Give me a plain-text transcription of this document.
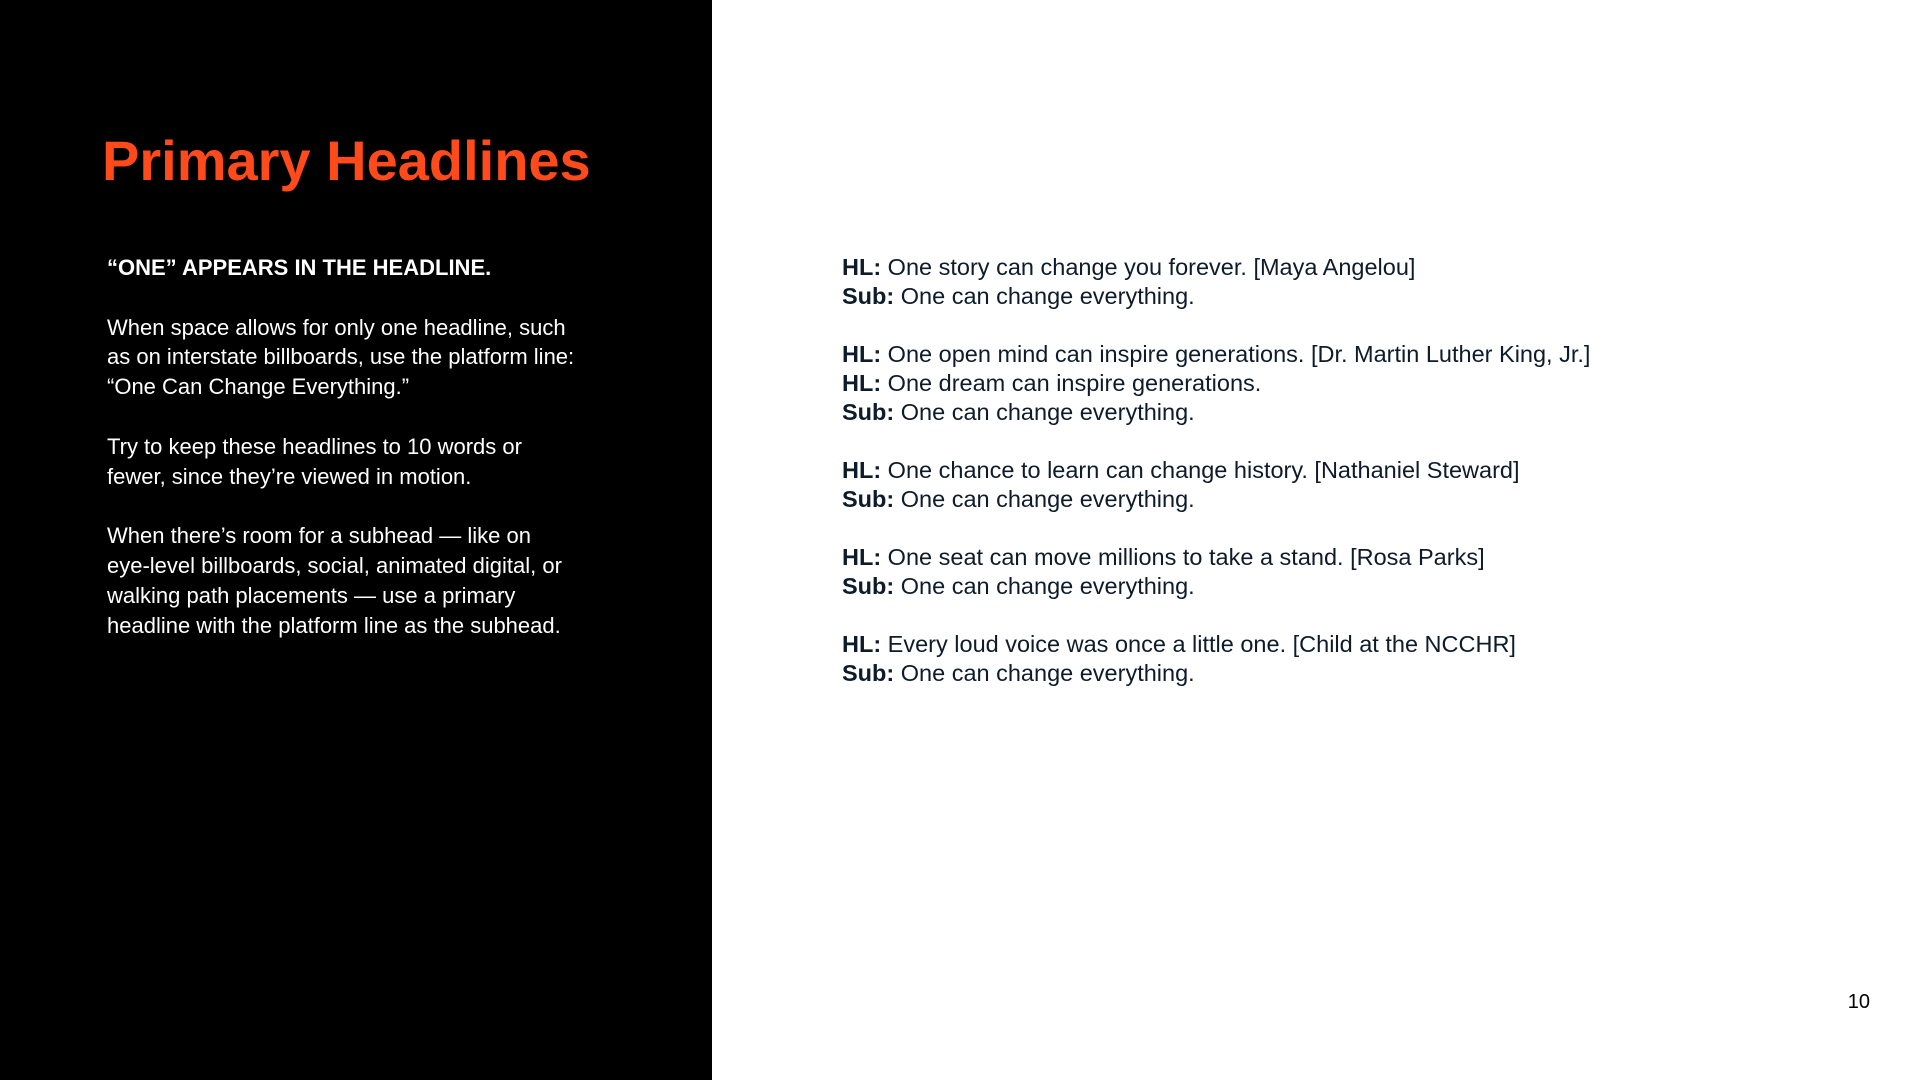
Primary Headlines
“ONE” APPEARS IN THE HEADLINE.

When space allows for only one headline, such as on interstate billboards, use the platform line: “One Can Change Everything.”

Try to keep these headlines to 10 words or fewer, since they’re viewed in motion.

When there’s room for a subhead — like on eye-level billboards, social, animated digital, or walking path placements — use a primary headline with the platform line as the subhead.

HL: One story can change you forever. [Maya Angelou]
Sub: One can change everything.
HL: One open mind can inspire generations. [Dr. Martin Luther King, Jr.]
HL: One dream can inspire generations.
Sub: One can change everything.
HL: One chance to learn can change history. [Nathaniel Steward]
Sub: One can change everything.
HL: One seat can move millions to take a stand. [Rosa Parks]
Sub: One can change everything.
HL: Every loud voice was once a little one. [Child at the NCCHR]
Sub: One can change everything.
10
